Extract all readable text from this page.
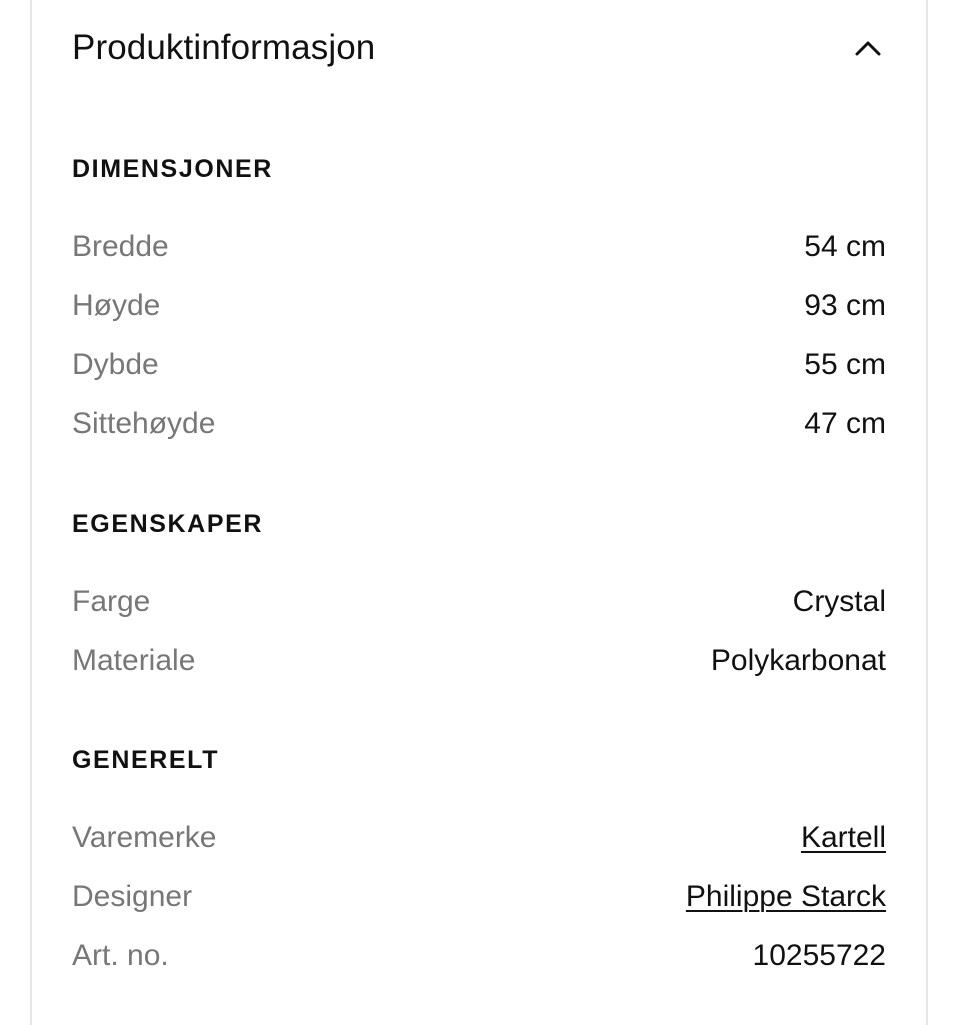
Produktinformasjon
DIMENSJONER
Bredde	54 cm
Høyde	93 cm
Dybde	55 cm
Sittehøyde	47 cm
EGENSKAPER
Farge	Crystal
Materiale	Polykarbonat
GENERELT
Varemerke	Kartell
Designer	Philippe Starck
Art. no.	10255722
